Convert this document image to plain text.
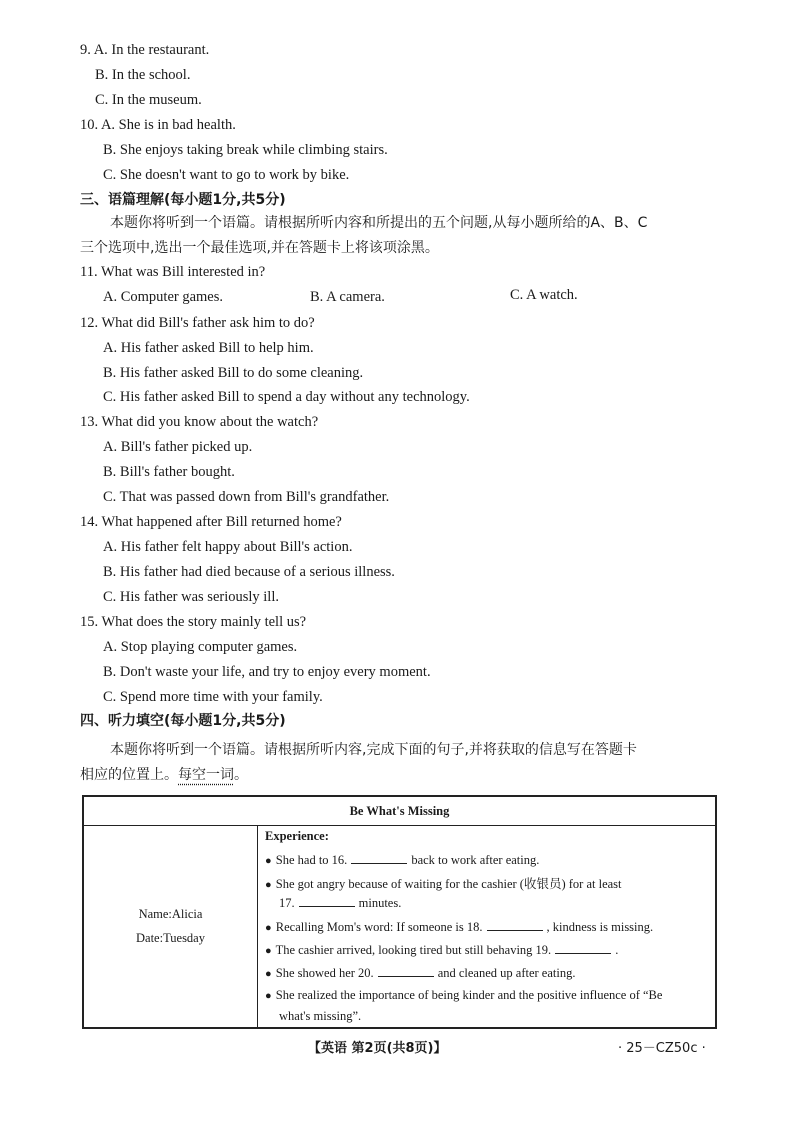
9. A. In the restaurant.
B. In the school.
C. In the museum.
10. A. She is in bad health.
B. She enjoys taking break while climbing stairs.
C. She doesn't want to go to work by bike.
三、语篇理解(每小题1分,共5分)
本题你将听到一个语篇。请根据所听内容和所提出的五个问题,从每小题所给的A、B、C
三个选项中,选出一个最佳选项,并在答题卡上将该项涂黑。
11. What was Bill interested in?
A. Computer games.	B. A camera.	C. A watch.
12. What did Bill's father ask him to do?
A. His father asked Bill to help him.
B. His father asked Bill to do some cleaning.
C. His father asked Bill to spend a day without any technology.
13. What did you know about the watch?
A. Bill's father picked up.
B. Bill's father bought.
C. That was passed down from Bill's grandfather.
14. What happened after Bill returned home?
A. His father felt happy about Bill's action.
B. His father had died because of a serious illness.
C. His father was seriously ill.
15. What does the story mainly tell us?
A. Stop playing computer games.
B. Don't waste your life, and try to enjoy every moment.
C. Spend more time with your family.
四、听力填空(每小题1分,共5分)
本题你将听到一个语篇。请根据所听内容,完成下面的句子,并将获取的信息写在答题卡
相应的位置上。每空一词。
Be What's Missing
Name:Alicia
Date:Tuesday
Experience:
● She had to 16.	back to work after eating.
● She got angry because of waiting for the cashier (收银员) for at least
17.	minutes.
● Recalling Mom's word: If someone is 18.	, kindness is missing.
● The cashier arrived, looking tired but still behaving 19.	.
● She showed her 20.	and cleaned up after eating.
● She realized the importance of being kinder and the positive influence of “Be
what's missing”.
【英语 第2页(共8页)】	· 25－CZ50c ·
